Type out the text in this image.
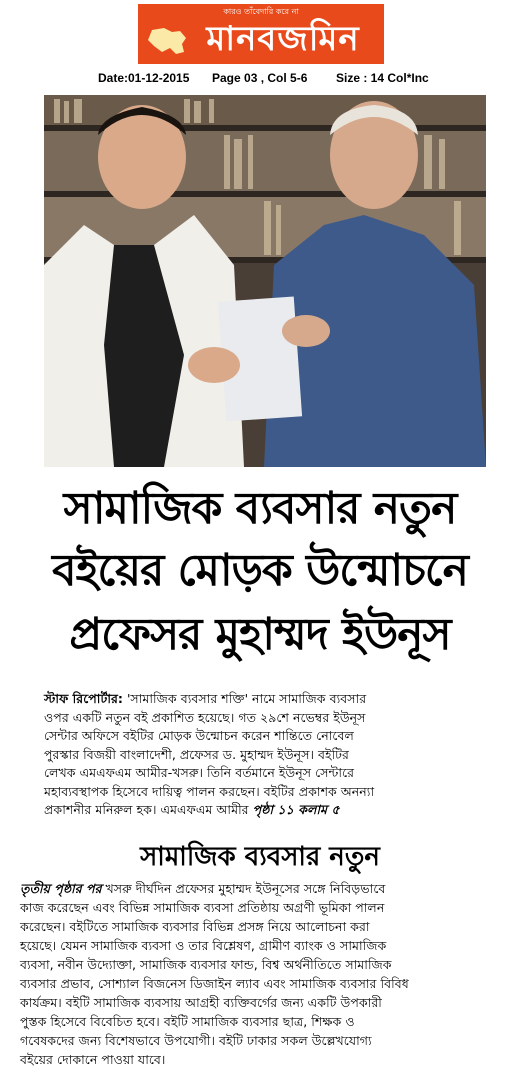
কারও তাঁবেদারি করে না
মানবজমিন
Date:01-12-2015 Page 03 , Col 5-6 Size : 14 Col*Inc
সামাজিক ব্যবসার নতুন
বইয়ের মোড়ক উন্মোচনে
প্রফেসর মুহাম্মদ ইউনূস
স্টাফ রিপোর্টার: 'সামাজিক ব্যবসার শক্তি' নামে সামাজিক ব্যবসার
ওপর একটি নতুন বই প্রকাশিত হয়েছে। গত ২৯শে নভেম্বর ইউনূস
সেন্টার অফিসে বইটির মোড়ক উন্মোচন করেন শান্তিতে নোবেল
পুরস্কার বিজয়ী বাংলাদেশী, প্রফেসর ড. মুহাম্মদ ইউনূস। বইটির
লেখক এমএফএম আমীর-খসরু। তিনি বর্তমানে ইউনূস সেন্টারে
মহাব্যবস্থাপক হিসেবে দায়িত্ব পালন করছেন। বইটির প্রকাশক অনন্যা
প্রকাশনীর মনিরুল হক। এমএফএম আমীর পৃষ্ঠা ১১ কলাম ৫
সামাজিক ব্যবসার নতুন
তৃতীয় পৃষ্ঠার পর খসরু দীর্ঘদিন প্রফেসর মুহাম্মদ ইউনূসের সঙ্গে নিবিড়ভাবে
কাজ করেছেন এবং বিভিন্ন সামাজিক ব্যবসা প্রতিষ্ঠায় অগ্রণী ভূমিকা পালন
করেছেন। বইটিতে সামাজিক ব্যবসার বিভিন্ন প্রসঙ্গ নিয়ে আলোচনা করা
হয়েছে। যেমন সামাজিক ব্যবসা ও তার বিশ্লেষণ, গ্রামীণ ব্যাংক ও সামাজিক
ব্যবসা, নবীন উদ্যোক্তা, সামাজিক ব্যবসার ফান্ড, বিশ্ব অর্থনীতিতে সামাজিক
ব্যবসার প্রভাব, সোশ্যাল বিজনেস ডিজাইন ল্যাব এবং সামাজিক ব্যবসার বিবিধ
কার্যক্রম। বইটি সামাজিক ব্যবসায় আগ্রহী ব্যক্তিবর্গের জন্য একটি উপকারী
পুস্তক হিসেবে বিবেচিত হবে। বইটি সামাজিক ব্যবসার ছাত্র, শিক্ষক ও
গবেষকদের জন্য বিশেষভাবে উপযোগী। বইটি ঢাকার সকল উল্লেখযোগ্য
বইয়ের দোকানে পাওয়া যাবে।
